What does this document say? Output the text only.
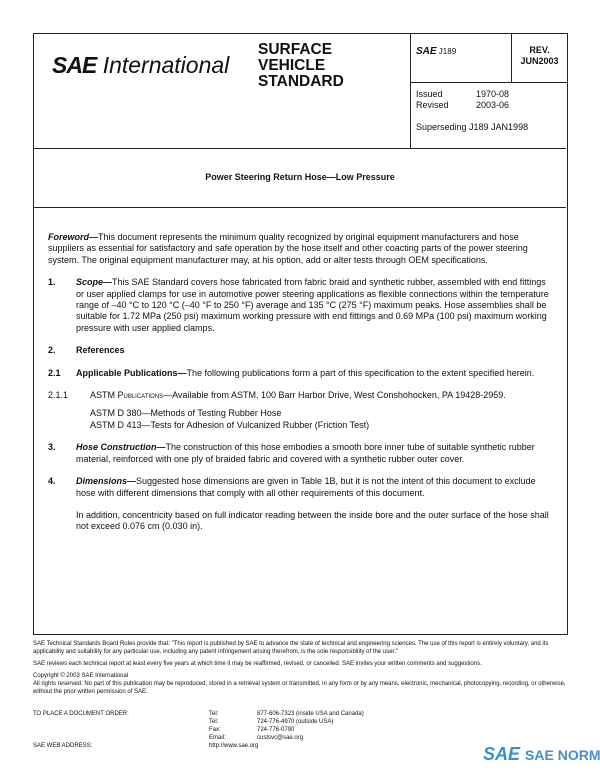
SAE International
SURFACE
VEHICLE
STANDARD
SAE J189	REV.
JUN2003
Issued	1970-08
Revised	2003-06
Superseding J189 JAN1998
Power Steering Return Hose—Low Pressure

Foreword—This document represents the minimum quality recognized by original equipment manufacturers and hose suppliers as essential for satisfactory and safe operation by the hose itself and other coacting parts of the power steering system. The original equipment manufacturer may, at his option, add or alter tests through OEM specifications.

1. Scope—This SAE Standard covers hose fabricated from fabric braid and synthetic rubber, assembled with end fittings or user applied clamps for use in automotive power steering applications as flexible connections within the temperature range of –40 °C to 120 °C (–40 °F to 250 °F) average and 135 °C (275 °F) maximum peaks. Hose assemblies shall be suitable for 1.72 MPa (250 psi) maximum working pressure with end fittings and 0.69 MPa (100 psi) maximum working pressure with user applied clamps.

2. References

2.1 Applicable Publications—The following publications form a part of this specification to the extent specified herein.

2.1.1 ASTM Publications—Available from ASTM, 100 Barr Harbor Drive, West Conshohocken, PA 19428-2959.

ASTM D 380—Methods of Testing Rubber Hose
ASTM D 413—Tests for Adhesion of Vulcanized Rubber (Friction Test)

3. Hose Construction—The construction of this hose embodies a smooth bore inner tube of suitable synthetic rubber material, reinforced with one ply of braided fabric and covered with a synthetic rubber outer cover.

4. Dimensions—Suggested hose dimensions are given in Table 1B, but it is not the intent of this document to exclude hose with different dimensions that comply with all other requirements of this document.

In addition, concentricity based on full indicator reading between the inside bore and the outer surface of the hose shall not exceed 0.076 cm (0.030 in).

SAE Technical Standards Board Rules provide that: "This report is published by SAE to advance the state of technical and engineering sciences. The use of this report is entirely voluntary, and its applicability and suitability for any particular use, including any patent infringement arising therefrom, is the sole responsibility of the user."

SAE reviews each technical report at least every five years at which time it may be reaffirmed, revised, or cancelled. SAE invites your written comments and suggestions.

Copyright © 2003 SAE International

All rights reserved. No part of this publication may be reproduced, stored in a retrieval system or transmitted, in any form or by any means, electronic, mechanical, photocopying, recording, or otherwise, without the prior written permission of SAE.

TO PLACE A DOCUMENT ORDER:	Tel:	877-606-7323 (inside USA and Canada)
Tel:	724-776-4970 (outside USA)
Fax:	724-776-0790
Email:	custsvc@sae.org
SAE WEB ADDRESS:	http://www.sae.org	SAE SAE NORM
